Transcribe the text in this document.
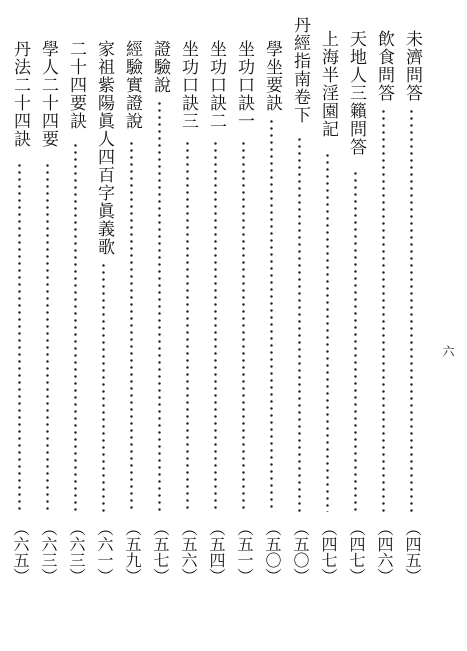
六
未濟問答
（四五）
飲食問答
（四六）
天地人三籟問答
（四七）
上海半淫園記
（四七）
丹經指南卷下
（五〇）
學坐要訣
（五〇）
坐功口訣一
（五一）
坐功口訣二
（五四）
坐功口訣三
（五六）
證驗說
（五七）
經驗實證說
（五九）
家祖紫陽眞人四百字眞義歌
（六一）
二十四要訣
（六三）
學人二十四要
（六三）
丹法二十四訣
（六五）
